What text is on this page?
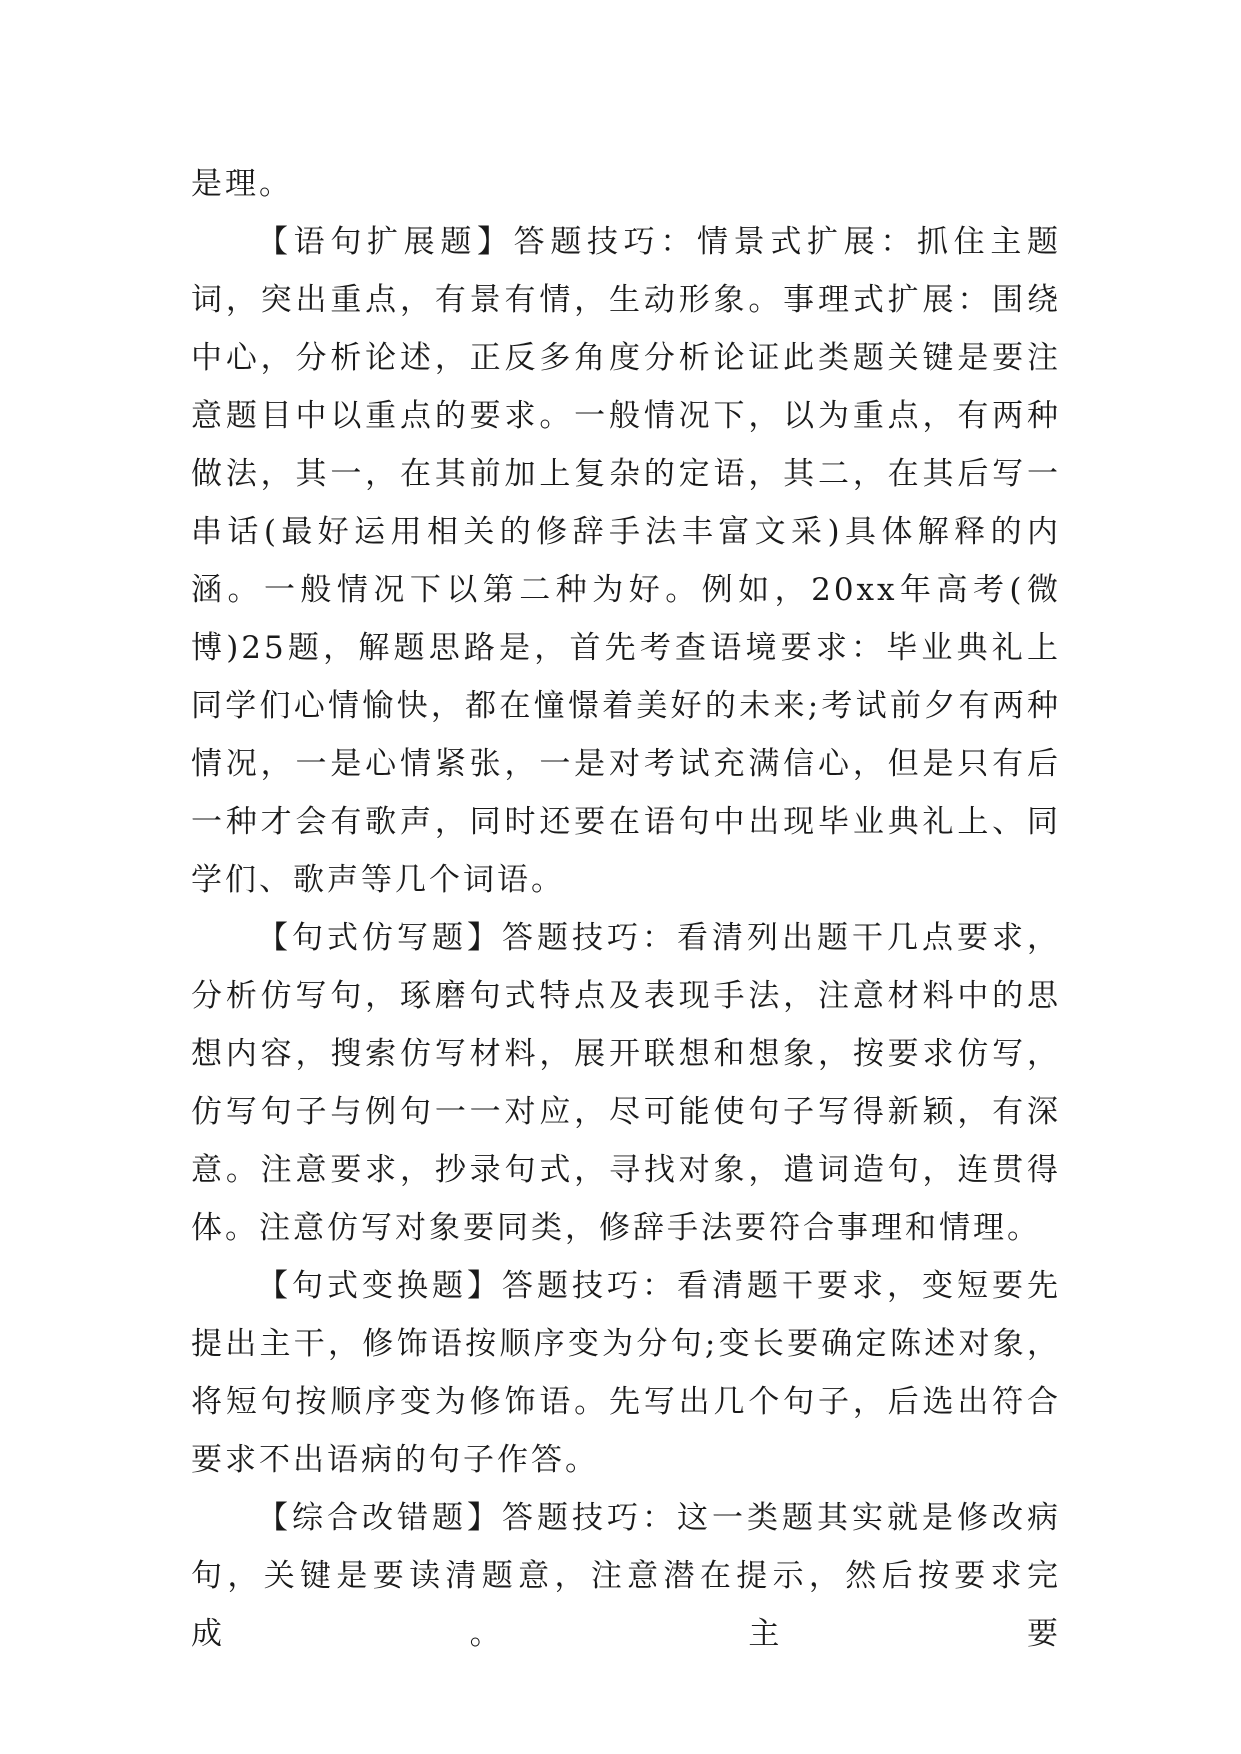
是理。

【语句扩展题】答题技巧：情景式扩展：抓住主题词，突出重点，有景有情，生动形象。事理式扩展：围绕中心，分析论述，正反多角度分析论证此类题关键是要注意题目中以重点的要求。一般情况下，以为重点，有两种做法，其一，在其前加上复杂的定语，其二，在其后写一串话(最好运用相关的修辞手法丰富文采)具体解释的内涵。一般情况下以第二种为好。例如，20xx年高考(微博)25题，解题思路是，首先考查语境要求：毕业典礼上同学们心情愉快，都在憧憬着美好的未来;考试前夕有两种情况，一是心情紧张，一是对考试充满信心，但是只有后一种才会有歌声，同时还要在语句中出现毕业典礼上、同学们、歌声等几个词语。

【句式仿写题】答题技巧：看清列出题干几点要求，分析仿写句，琢磨句式特点及表现手法，注意材料中的思想内容，搜索仿写材料，展开联想和想象，按要求仿写，仿写句子与例句一一对应，尽可能使句子写得新颖，有深意。注意要求，抄录句式，寻找对象，遣词造句，连贯得体。注意仿写对象要同类，修辞手法要符合事理和情理。

【句式变换题】答题技巧：看清题干要求，变短要先提出主干，修饰语按顺序变为分句;变长要确定陈述对象，将短句按顺序变为修饰语。先写出几个句子，后选出符合要求不出语病的句子作答。

【综合改错题】答题技巧：这一类题其实就是修改病句，关键是要读清题意，注意潜在提示，然后按要求完成。主要
